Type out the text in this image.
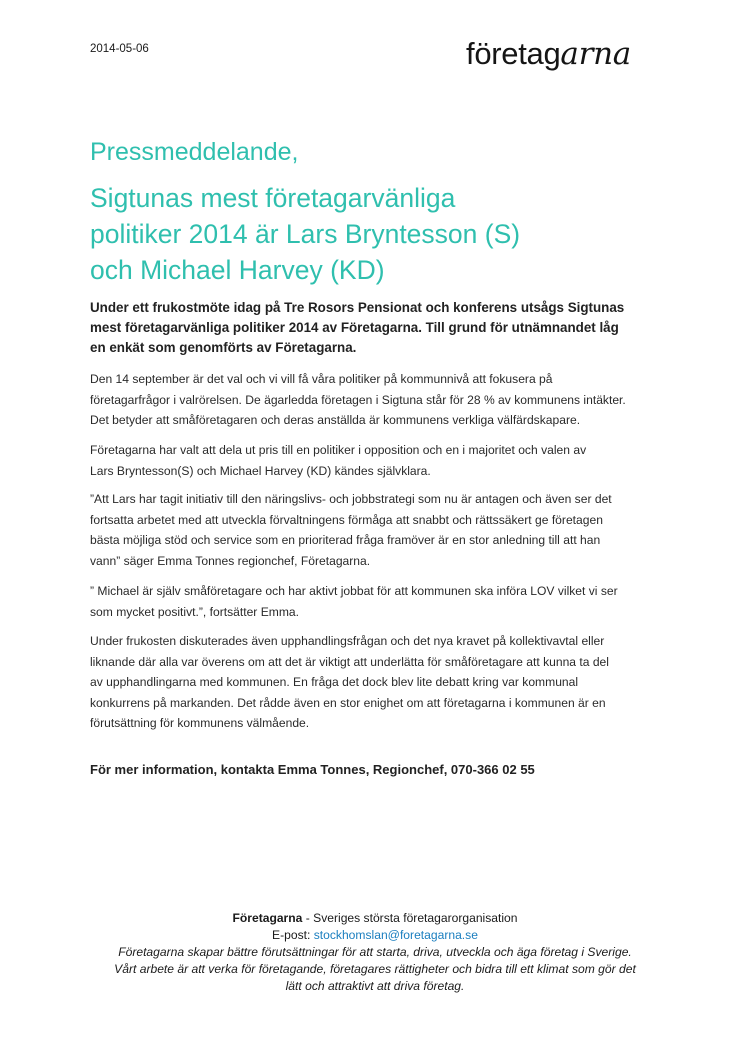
2014-05-06	företagarna
Pressmeddelande,
Sigtunas mest företagarvänliga
politiker 2014 är Lars Bryntesson (S)
och Michael Harvey (KD)

Under ett frukostmöte idag på Tre Rosors Pensionat och konferens utsågs Sigtunas
mest företagarvänliga politiker 2014 av Företagarna. Till grund för utnämnandet låg
en enkät som genomförts av Företagarna.

Den 14 september är det val och vi vill få våra politiker på kommunnivå att fokusera på
företagarfrågor i valrörelsen. De ägarledda företagen i Sigtuna står för 28 % av kommunens intäkter.
Det betyder att småföretagaren och deras anställda är kommunens verkliga välfärdskapare.

Företagarna har valt att dela ut pris till en politiker i opposition och en i majoritet och valen av
Lars Bryntesson(S) och Michael Harvey (KD) kändes självklara.

”Att Lars har tagit initiativ till den näringslivs- och jobbstrategi som nu är antagen och även ser det
fortsatta arbetet med att utveckla förvaltningens förmåga att snabbt och rättssäkert ge företagen
bästa möjliga stöd och service som en prioriterad fråga framöver är en stor anledning till att han
vann” säger Emma Tonnes regionchef, Företagarna.

” Michael är själv småföretagare och har aktivt jobbat för att kommunen ska införa LOV vilket vi ser
som mycket positivt.”, fortsätter Emma.

Under frukosten diskuterades även upphandlingsfrågan och det nya kravet på kollektivavtal eller
liknande där alla var överens om att det är viktigt att underlätta för småföretagare att kunna ta del
av upphandlingarna med kommunen. En fråga det dock blev lite debatt kring var kommunal
konkurrens på markanden. Det rådde även en stor enighet om att företagarna i kommunen är en
förutsättning för kommunens välmående.

För mer information, kontakta Emma Tonnes, Regionchef, 070-366 02 55

Företagarna - Sveriges största företagarorganisation
E-post: stockhomslan@foretagarna.se
Företagarna skapar bättre förutsättningar för att starta, driva, utveckla och äga företag i Sverige.
Vårt arbete är att verka för företagande, företagares rättigheter och bidra till ett klimat som gör det
lätt och attraktivt att driva företag.
